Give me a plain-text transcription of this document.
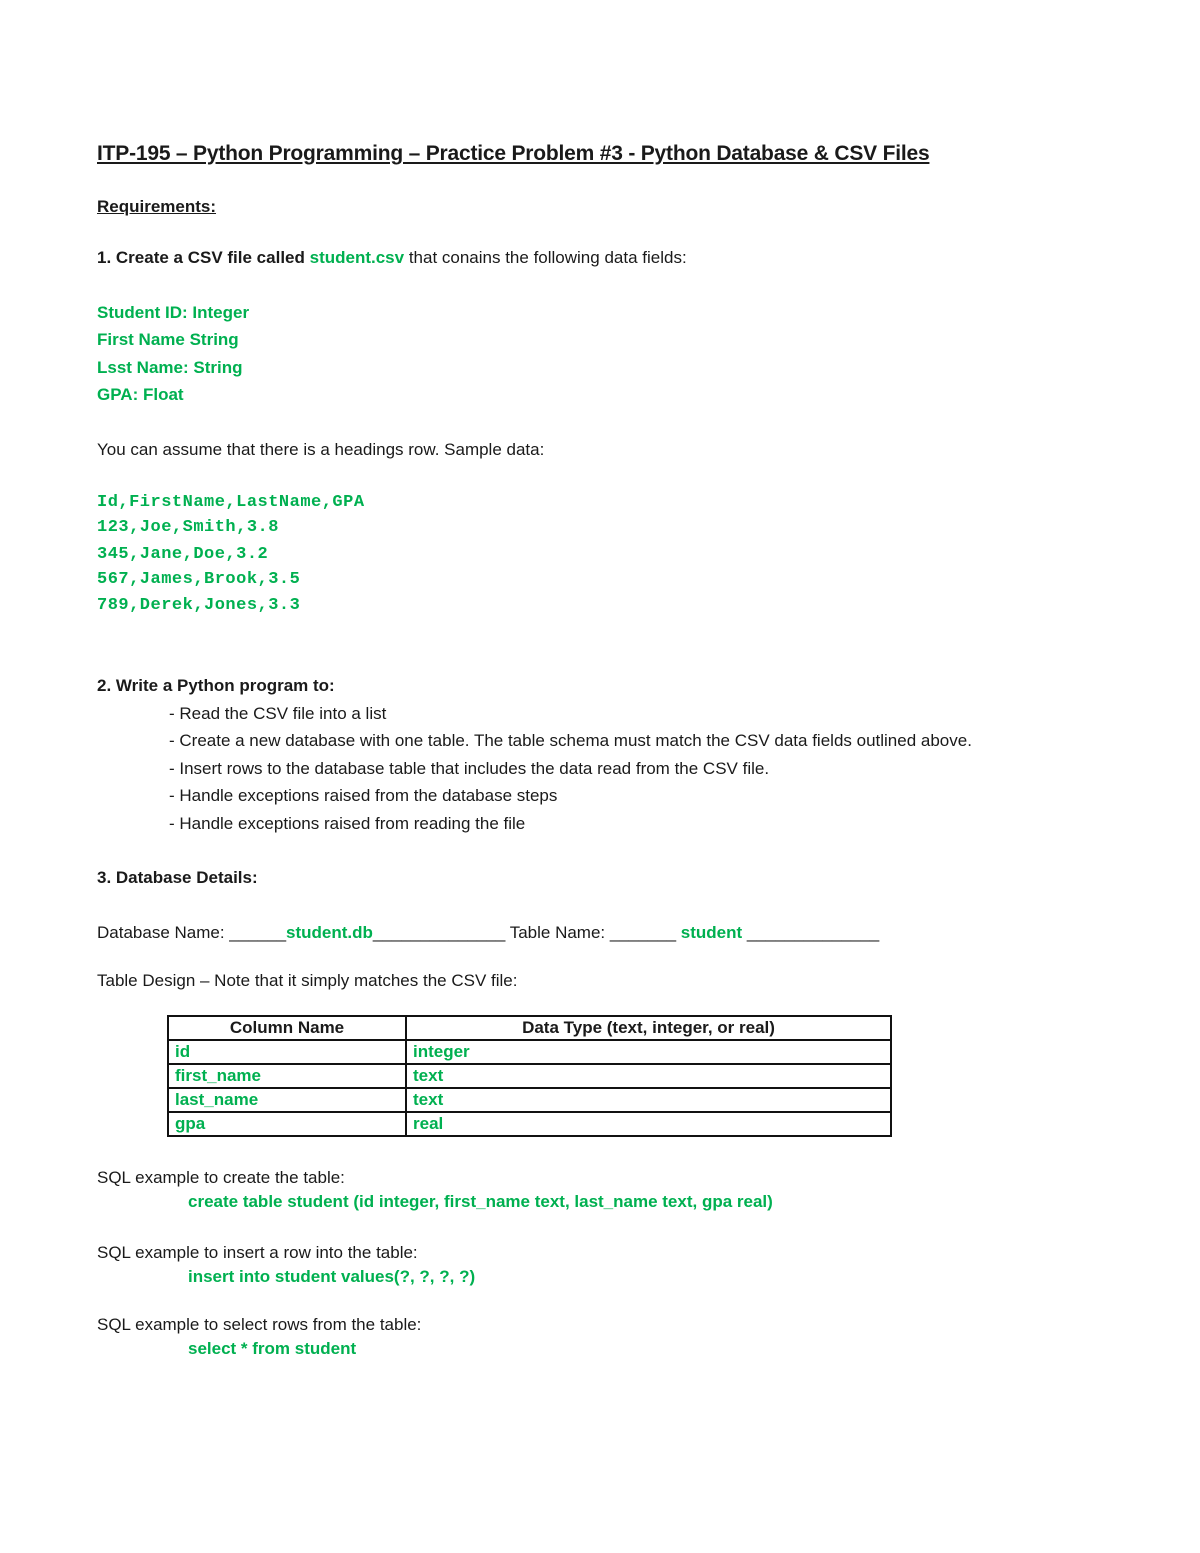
ITP-195 – Python Programming – Practice Problem #3 - Python Database & CSV Files
Requirements:
1. Create a CSV file called student.csv that conains the following data fields:
Student ID: Integer
First Name String
Lsst Name: String
GPA: Float
You can assume that there is a headings row. Sample data:
Id,FirstName,LastName,GPA
123,Joe,Smith,3.8
345,Jane,Doe,3.2
567,James,Brook,3.5
789,Derek,Jones,3.3
2. Write a Python program to:
- Read the CSV file into a list
- Create a new database with one table. The table schema must match the CSV data fields outlined above.
- Insert rows to the database table that includes the data read from the CSV file.
- Handle exceptions raised from the database steps
- Handle exceptions raised from reading the file
3. Database Details:
Database Name: ______student.db______________ Table Name: _______ student ______________
Table Design – Note that it simply matches the CSV file:
Column Name	Data Type (text, integer, or real)
id	integer
first_name	text
last_name	text
gpa	real
SQL example to create the table:
create table student (id integer, first_name text, last_name text, gpa real)
SQL example to insert a row into the table:
insert into student values(?, ?, ?, ?)
SQL example to select rows from the table:
select * from student
